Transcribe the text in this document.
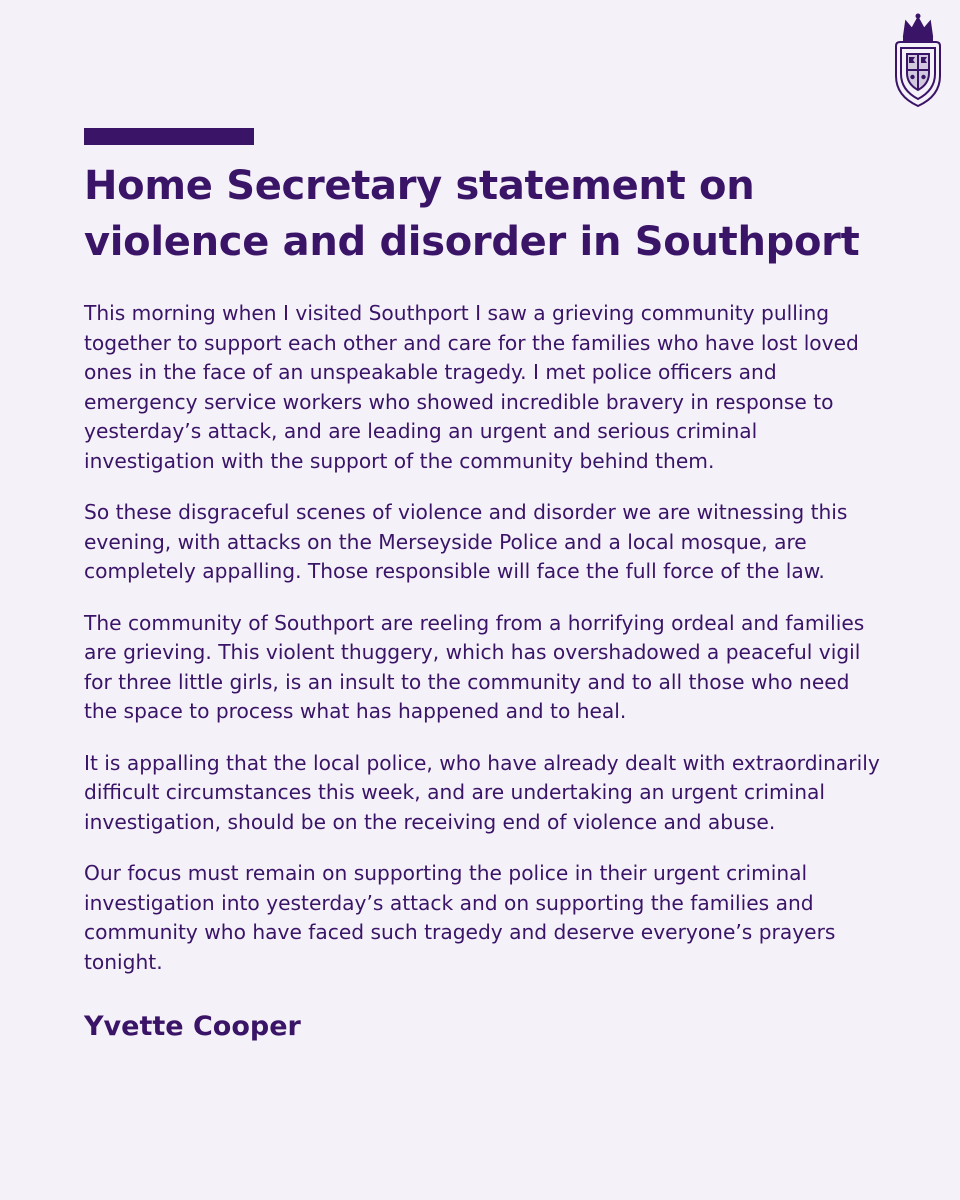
Home Secretary statement on violence and disorder in Southport

This morning when I visited Southport I saw a grieving community pulling together to support each other and care for the families who have lost loved ones in the face of an unspeakable tragedy. I met police officers and emergency service workers who showed incredible bravery in response to yesterday’s attack, and are leading an urgent and serious criminal investigation with the support of the community behind them.

So these disgraceful scenes of violence and disorder we are witnessing this evening, with attacks on the Merseyside Police and a local mosque, are completely appalling. Those responsible will face the full force of the law.

The community of Southport are reeling from a horrifying ordeal and families are grieving. This violent thuggery, which has overshadowed a peaceful vigil for three little girls, is an insult to the community and to all those who need the space to process what has happened and to heal.

It is appalling that the local police, who have already dealt with extraordinarily difficult circumstances this week, and are undertaking an urgent criminal investigation, should be on the receiving end of violence and abuse.

Our focus must remain on supporting the police in their urgent criminal investigation into yesterday’s attack and on supporting the families and community who have faced such tragedy and deserve everyone’s prayers tonight.

Yvette Cooper
